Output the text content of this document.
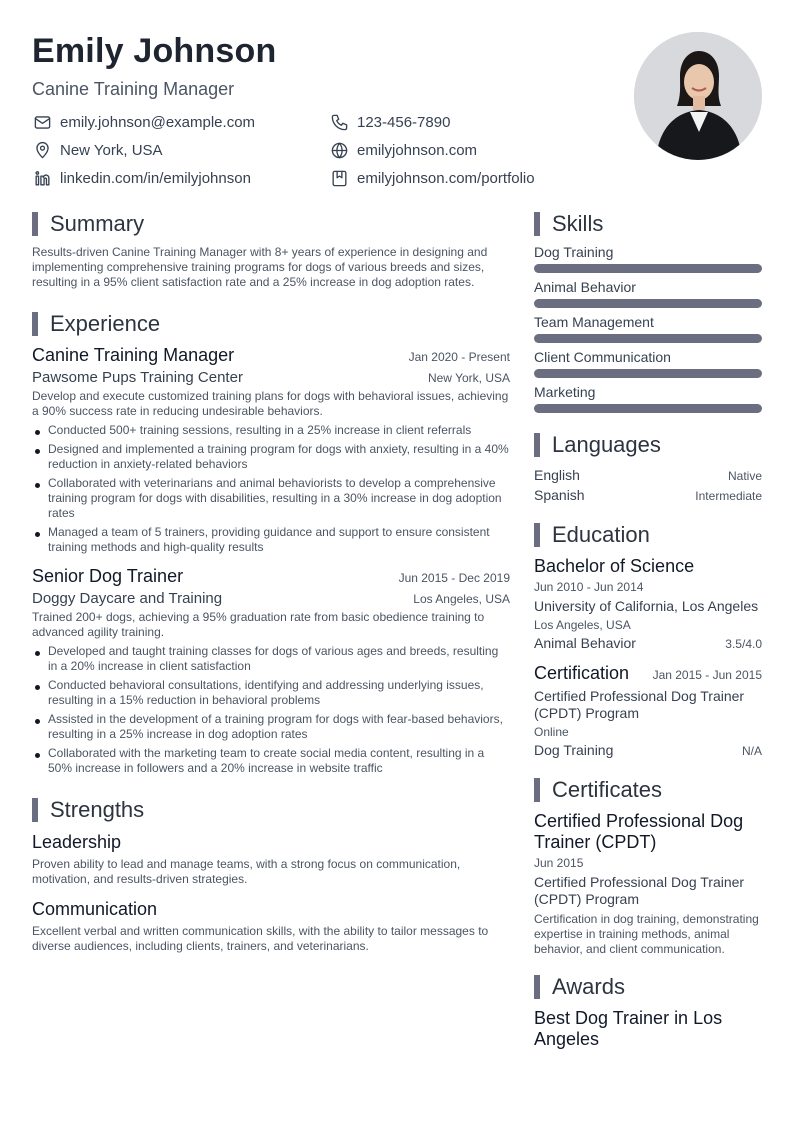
Emily Johnson
Canine Training Manager
emily.johnson@example.com	123-456-7890
New York, USA	emilyjohnson.com
linkedin.com/in/emilyjohnson	emilyjohnson.com/portfolio
Summary

Results-driven Canine Training Manager with 8+ years of experience in designing and implementing comprehensive training programs for dogs of various breeds and sizes, resulting in a 95% client satisfaction rate and a 25% increase in dog adoption rates.

Experience
Canine Training Manager	Jan 2020 - Present
Pawsome Pups Training Center	New York, USA

Develop and execute customized training plans for dogs with behavioral issues, achieving a 90% success rate in reducing undesirable behaviors.

Conducted 500+ training sessions, resulting in a 25% increase in client referrals
Designed and implemented a training program for dogs with anxiety, resulting in a 40% reduction in anxiety-related behaviors
Collaborated with veterinarians and animal behaviorists to develop a comprehensive training program for dogs with disabilities, resulting in a 30% increase in dog adoption rates
Managed a team of 5 trainers, providing guidance and support to ensure consistent training methods and high-quality results
Senior Dog Trainer	Jun 2015 - Dec 2019
Doggy Daycare and Training	Los Angeles, USA

Trained 200+ dogs, achieving a 95% graduation rate from basic obedience training to advanced agility training.

Developed and taught training classes for dogs of various ages and breeds, resulting in a 20% increase in client satisfaction
Conducted behavioral consultations, identifying and addressing underlying issues, resulting in a 15% reduction in behavioral problems
Assisted in the development of a training program for dogs with fear-based behaviors, resulting in a 25% increase in dog adoption rates
Collaborated with the marketing team to create social media content, resulting in a 50% increase in followers and a 20% increase in website traffic
Strengths
Leadership

Proven ability to lead and manage teams, with a strong focus on communication, motivation, and results-driven strategies.

Communication

Excellent verbal and written communication skills, with the ability to tailor messages to diverse audiences, including clients, trainers, and veterinarians.

Skills
Dog Training
Animal Behavior
Team Management
Client Communication
Marketing
Languages
English	Native
Spanish	Intermediate
Education
Bachelor of Science
Jun 2010 - Jun 2014
University of California, Los Angeles
Los Angeles, USA
Animal Behavior	3.5/4.0
Certification Jan 2015 - Jun 2015
Certified Professional Dog Trainer (CPDT) Program
Online
Dog Training	N/A
Certificates
Certified Professional Dog Trainer (CPDT)
Jun 2015
Certified Professional Dog Trainer (CPDT) Program

Certification in dog training, demonstrating expertise in training methods, animal behavior, and client communication.

Awards
Best Dog Trainer in Los Angeles
